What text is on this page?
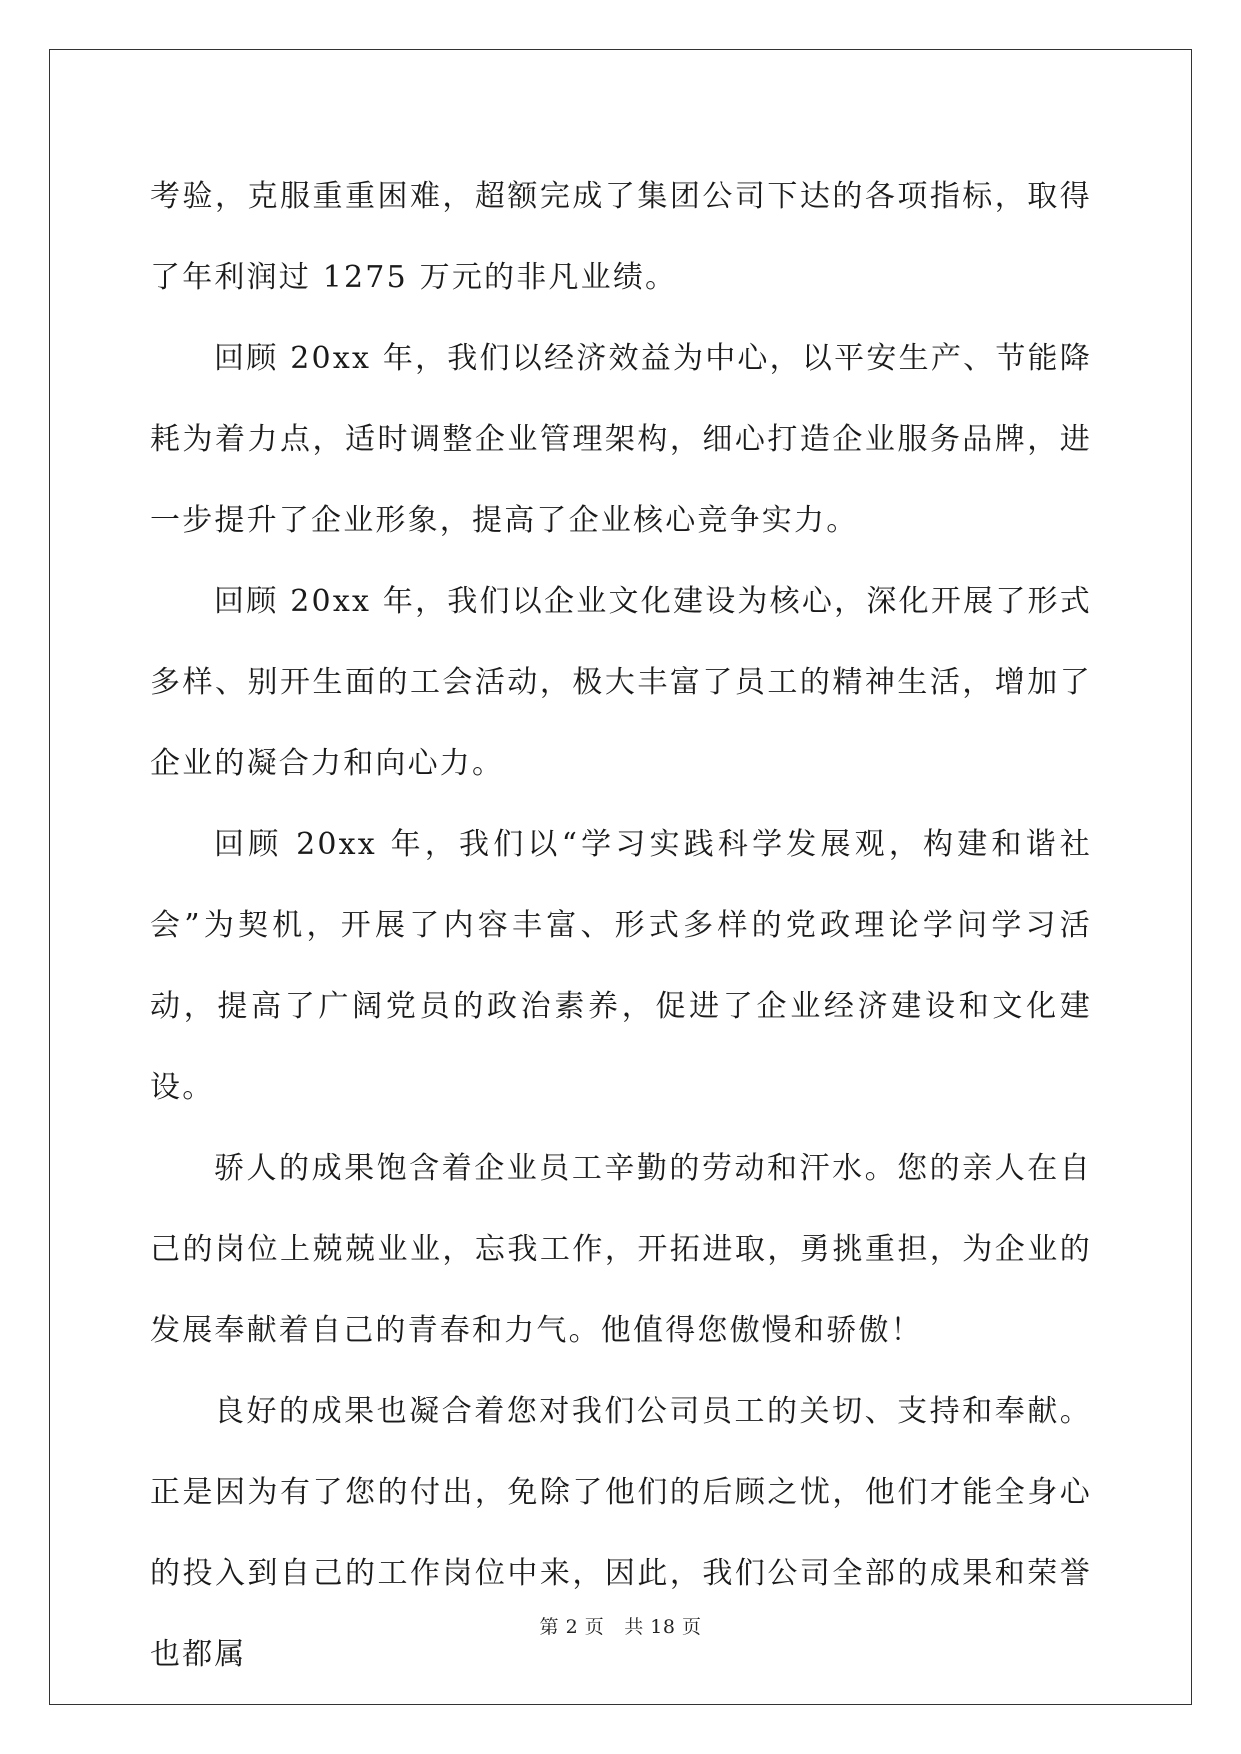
考验，克服重重困难，超额完成了集团公司下达的各项指标，取得了年利润过 1275 万元的非凡业绩。

回顾 20xx 年，我们以经济效益为中心，以平安生产、节能降耗为着力点，适时调整企业管理架构，细心打造企业服务品牌，进一步提升了企业形象，提高了企业核心竞争实力。

回顾 20xx 年，我们以企业文化建设为核心，深化开展了形式多样、别开生面的工会活动，极大丰富了员工的精神生活，增加了企业的凝合力和向心力。

回顾 20xx 年，我们以“学习实践科学发展观，构建和谐社会”为契机，开展了内容丰富、形式多样的党政理论学问学习活动，提高了广阔党员的政治素养，促进了企业经济建设和文化建设。

骄人的成果饱含着企业员工辛勤的劳动和汗水。您的亲人在自己的岗位上兢兢业业，忘我工作，开拓进取，勇挑重担，为企业的发展奉献着自己的青春和力气。他值得您傲慢和骄傲！

良好的成果也凝合着您对我们公司员工的关切、支持和奉献。正是因为有了您的付出，免除了他们的后顾之忧，他们才能全身心的投入到自己的工作岗位中来，因此，我们公司全部的成果和荣誉也都属

第 2 页 共 18 页
